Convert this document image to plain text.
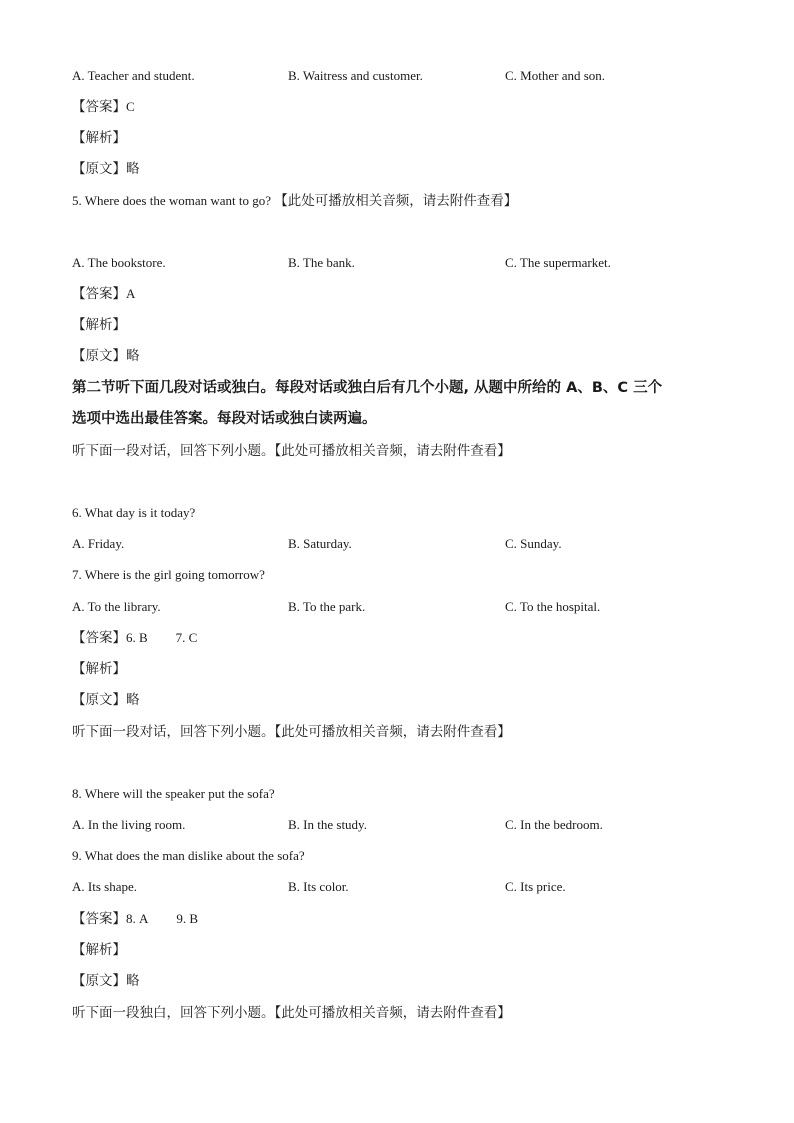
A. Teacher and student.	B. Waitress and customer.	C. Mother and son.
【答案】C
【解析】
【原文】略
5. Where does the woman want to go? 【此处可播放相关音频，请去附件查看】
A. The bookstore.	B. The bank.	C. The supermarket.
【答案】A
【解析】
【原文】略
第二节听下面几段对话或独白。每段对话或独白后有几个小题, 从题中所给的 A、B、C 三个
选项中选出最佳答案。每段对话或独白读两遍。
听下面一段对话，回答下列小题。【此处可播放相关音频，请去附件查看】
6. What day is it today?
A. Friday.	B. Saturday.	C. Sunday.
7. Where is the girl going tomorrow?
A. To the library.	B. To the park.	C. To the hospital.
【答案】6. B 7. C
【解析】
【原文】略
听下面一段对话，回答下列小题。【此处可播放相关音频，请去附件查看】
8. Where will the speaker put the sofa?
A. In the living room.	B. In the study.	C. In the bedroom.
9. What does the man dislike about the sofa?
A. Its shape.	B. Its color.	C. Its price.
【答案】8. A 9. B
【解析】
【原文】略
听下面一段独白，回答下列小题。【此处可播放相关音频，请去附件查看】
